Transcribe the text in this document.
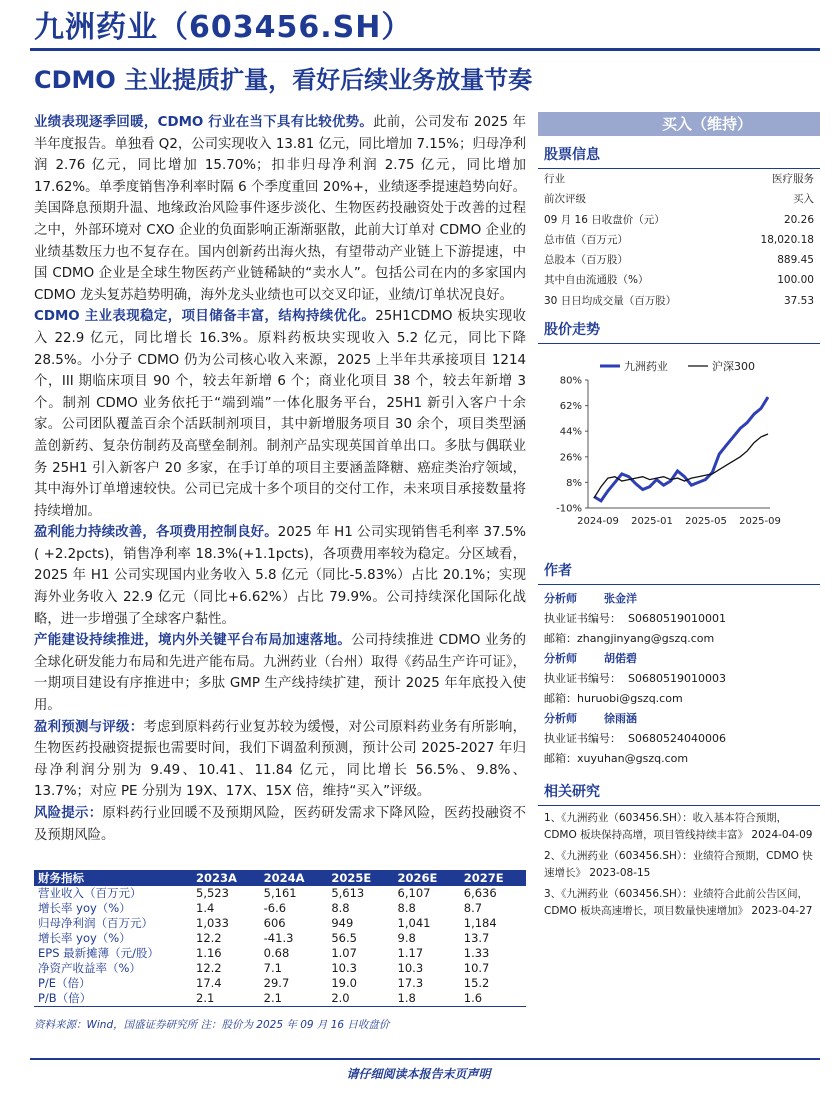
九洲药业（603456.SH）
CDMO 主业提质扩量，看好后续业务放量节奏

业绩表现逐季回暖，CDMO 行业在当下具有比较优势。此前，公司发布 2025 年半年度报告。单独看 Q2，公司实现收入 13.81 亿元，同比增加 7.15%；归母净利润 2.76 亿元，同比增加 15.70%；扣非归母净利润 2.75 亿元，同比增加 17.62%。单季度销售净利率时隔 6 个季度重回 20%+，业绩逐季提速趋势向好。美国降息预期升温、地缘政治风险事件逐步淡化、生物医药投融资处于改善的过程之中，外部环境对 CXO 企业的负面影响正渐渐驱散，此前大订单对 CDMO 企业的业绩基数压力也不复存在。国内创新药出海火热，有望带动产业链上下游提速，中国 CDMO 企业是全球生物医药产业链稀缺的“卖水人”。包括公司在内的多家国内 CDMO 龙头复苏趋势明确，海外龙头业绩也可以交叉印证，业绩/订单状况良好。

CDMO 主业表现稳定，项目储备丰富，结构持续优化。25H1CDMO 板块实现收入 22.9 亿元，同比增长 16.3%。原料药板块实现收入 5.2 亿元，同比下降 28.5%。小分子 CDMO 仍为公司核心收入来源，2025 上半年共承接项目 1214 个，III 期临床项目 90 个，较去年新增 6 个；商业化项目 38 个，较去年新增 3 个。制剂 CDMO 业务依托于“端到端”一体化服务平台，25H1 新引入客户十余家。公司团队覆盖百余个活跃制剂项目，其中新增服务项目 30 余个，项目类型涵盖创新药、复杂仿制药及高壁垒制剂。制剂产品实现英国首单出口。多肽与偶联业务 25H1 引入新客户 20 多家，在手订单的项目主要涵盖降糖、癌症类治疗领域，其中海外订单增速较快。公司已完成十多个项目的交付工作，未来项目承接数量将持续增加。

盈利能力持续改善，各项费用控制良好。2025 年 H1 公司实现销售毛利率 37.5%( +2.2pcts)，销售净利率 18.3%(+1.1pcts)，各项费用率较为稳定。分区域看，2025 年 H1 公司实现国内业务收入 5.8 亿元（同比-5.83%）占比 20.1%；实现海外业务收入 22.9 亿元（同比+6.62%）占比 79.9%。公司持续深化国际化战略，进一步增强了全球客户黏性。

产能建设持续推进，境内外关键平台布局加速落地。公司持续推进 CDMO 业务的全球化研发能力布局和先进产能布局。九洲药业（台州）取得《药品生产许可证》，一期项目建设有序推进中；多肽 GMP 生产线持续扩建，预计 2025 年年底投入使用。

盈利预测与评级：考虑到原料药行业复苏较为缓慢，对公司原料药业务有所影响，生物医药投融资提振也需要时间，我们下调盈利预测，预计公司 2025-2027 年归母净利润分别为 9.49、10.41、11.84 亿元，同比增长 56.5%、9.8%、13.7%；对应 PE 分别为 19X、17X、15X 倍，维持“买入”评级。

风险提示：原料药行业回暖不及预期风险，医药研发需求下降风险，医药投融资不及预期风险。

买入（维持）
股票信息
行业	医疗服务
前次评级	买入
09 月 16 日收盘价（元）	20.26
总市值（百万元）	18,020.18
总股本（百万股）	889.45
其中自由流通股（%）	100.00
30 日日均成交量（百万股）	37.53
股价走势
80%
62%
44%
26%
8%
-10%
2024-09 2025-01 2025-05 2025-09
九洲药业	沪深300
作者
分析师	张金洋
执业证书编号： S0680519010001
邮箱： zhangjinyang@gszq.com
分析师	胡偌碧
执业证书编号： S0680519010003
邮箱： huruobi@gszq.com
分析师	徐雨涵
执业证书编号： S0680524040006
邮箱： xuyuhan@gszq.com
相关研究
1、《九洲药业（603456.SH）：收入基本符合预期，CDMO 板块保持高增，项目管线持续丰富》 2024-04-09
2、《九洲药业（603456.SH）：业绩符合预期，CDMO 快速增长》 2023-08-15
3、《九洲药业（603456.SH）：业绩符合此前公告区间，CDMO 板块高速增长，项目数量快速增加》 2023-04-27
财务指标	2023A	2024A	2025E	2026E	2027E
营业收入（百万元）	5,523	5,161	5,613	6,107	6,636
增长率 yoy（%）	1.4	-6.6	8.8	8.8	8.7
归母净利润（百万元）	1,033	606	949	1,041	1,184
增长率 yoy（%）	12.2	-41.3	56.5	9.8	13.7
EPS 最新摊薄（元/股）	1.16	0.68	1.07	1.17	1.33
净资产收益率（%）	12.2	7.1	10.3	10.3	10.7
P/E（倍）	17.4	29.7	19.0	17.3	15.2
P/B（倍）	2.1	2.1	2.0	1.8	1.6
资料来源：Wind，国盛证券研究所 注：股价为 2025 年 09 月 16 日收盘价
请仔细阅读本报告末页声明
